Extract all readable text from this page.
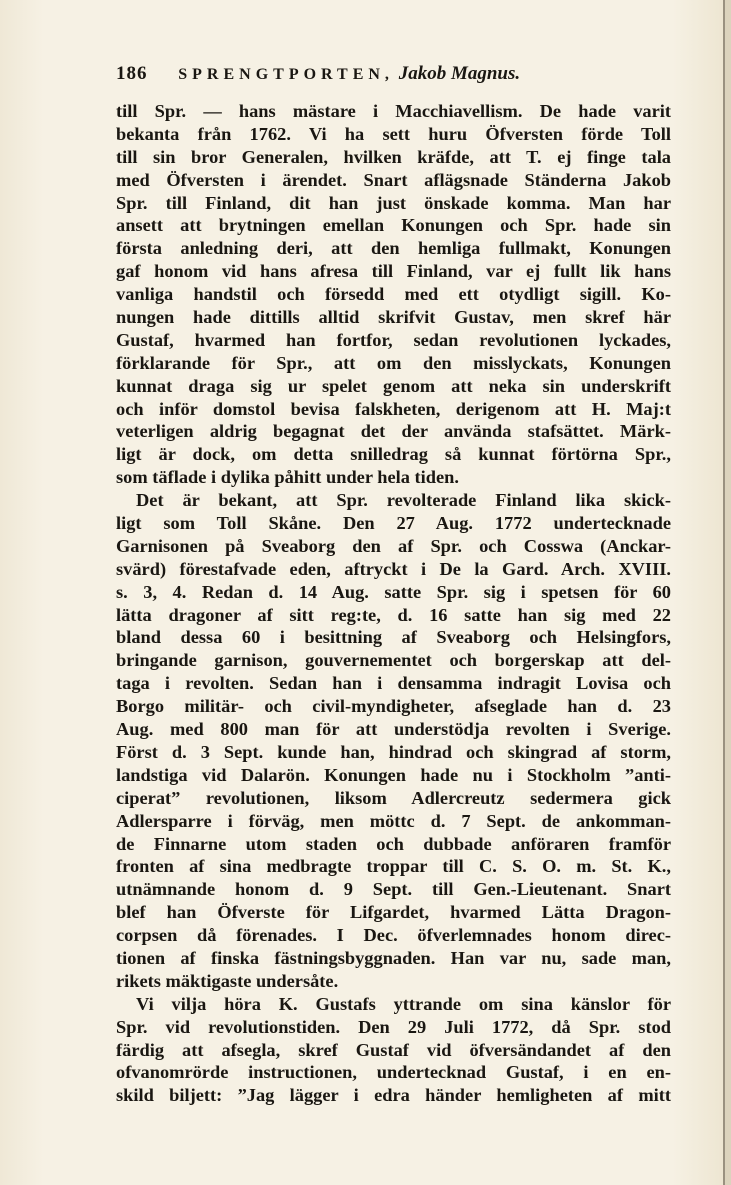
186 SPRENGTPORTEN, Jakob Magnus.
till Spr. — hans mästare i Macchiavellism. De hade varit
bekanta från 1762. Vi ha sett huru Öfversten förde Toll
till sin bror Generalen, hvilken kräfde, att T. ej finge tala
med Öfversten i ärendet. Snart aflägsnade Ständerna Jakob
Spr. till Finland, dit han just önskade komma. Man har
ansett att brytningen emellan Konungen och Spr. hade sin
första anledning deri, att den hemliga fullmakt, Konungen
gaf honom vid hans afresa till Finland, var ej fullt lik hans
vanliga handstil och försedd med ett otydligt sigill. Ko-
nungen hade dittills alltid skrifvit Gustav, men skref här
Gustaf, hvarmed han fortfor, sedan revolutionen lyckades,
förklarande för Spr., att om den misslyckats, Konungen
kunnat draga sig ur spelet genom att neka sin underskrift
och inför domstol bevisa falskheten, derigenom att H. Maj:t
veterligen aldrig begagnat det der använda stafsättet. Märk-
ligt är dock, om detta snilledrag så kunnat förtörna Spr.,
som täflade i dylika påhitt under hela tiden.
Det är bekant, att Spr. revolterade Finland lika skick-
ligt som Toll Skåne. Den 27 Aug. 1772 undertecknade
Garnisonen på Sveaborg den af Spr. och Cosswa (Anckar-
svärd) förestafvade eden, aftryckt i De la Gard. Arch. XVIII.
s. 3, 4. Redan d. 14 Aug. satte Spr. sig i spetsen för 60
lätta dragoner af sitt reg:te, d. 16 satte han sig med 22
bland dessa 60 i besittning af Sveaborg och Helsingfors,
bringande garnison, gouvernementet och borgerskap att del-
taga i revolten. Sedan han i densamma indragit Lovisa och
Borgo militär- och civil-myndigheter, afseglade han d. 23
Aug. med 800 man för att understödja revolten i Sverige.
Först d. 3 Sept. kunde han, hindrad och skingrad af storm,
landstiga vid Dalarön. Konungen hade nu i Stockholm ”anti-
ciperat” revolutionen, liksom Adlercreutz sedermera gick
Adlersparre i förväg, men möttc d. 7 Sept. de ankomman-
de Finnarne utom staden och dubbade anföraren framför
fronten af sina medbragte troppar till C. S. O. m. St. K.,
utnämnande honom d. 9 Sept. till Gen.-Lieutenant. Snart
blef han Öfverste för Lifgardet, hvarmed Lätta Dragon-
corpsen då förenades. I Dec. öfverlemnades honom direc-
tionen af finska fästningsbyggnaden. Han var nu, sade man,
rikets mäktigaste undersåte.
Vi vilja höra K. Gustafs yttrande om sina känslor för
Spr. vid revolutionstiden. Den 29 Juli 1772, då Spr. stod
färdig att afsegla, skref Gustaf vid öfversändandet af den
ofvanomrörde instructionen, undertecknad Gustaf, i en en-
skild biljett: ”Jag lägger i edra händer hemligheten af mitt
